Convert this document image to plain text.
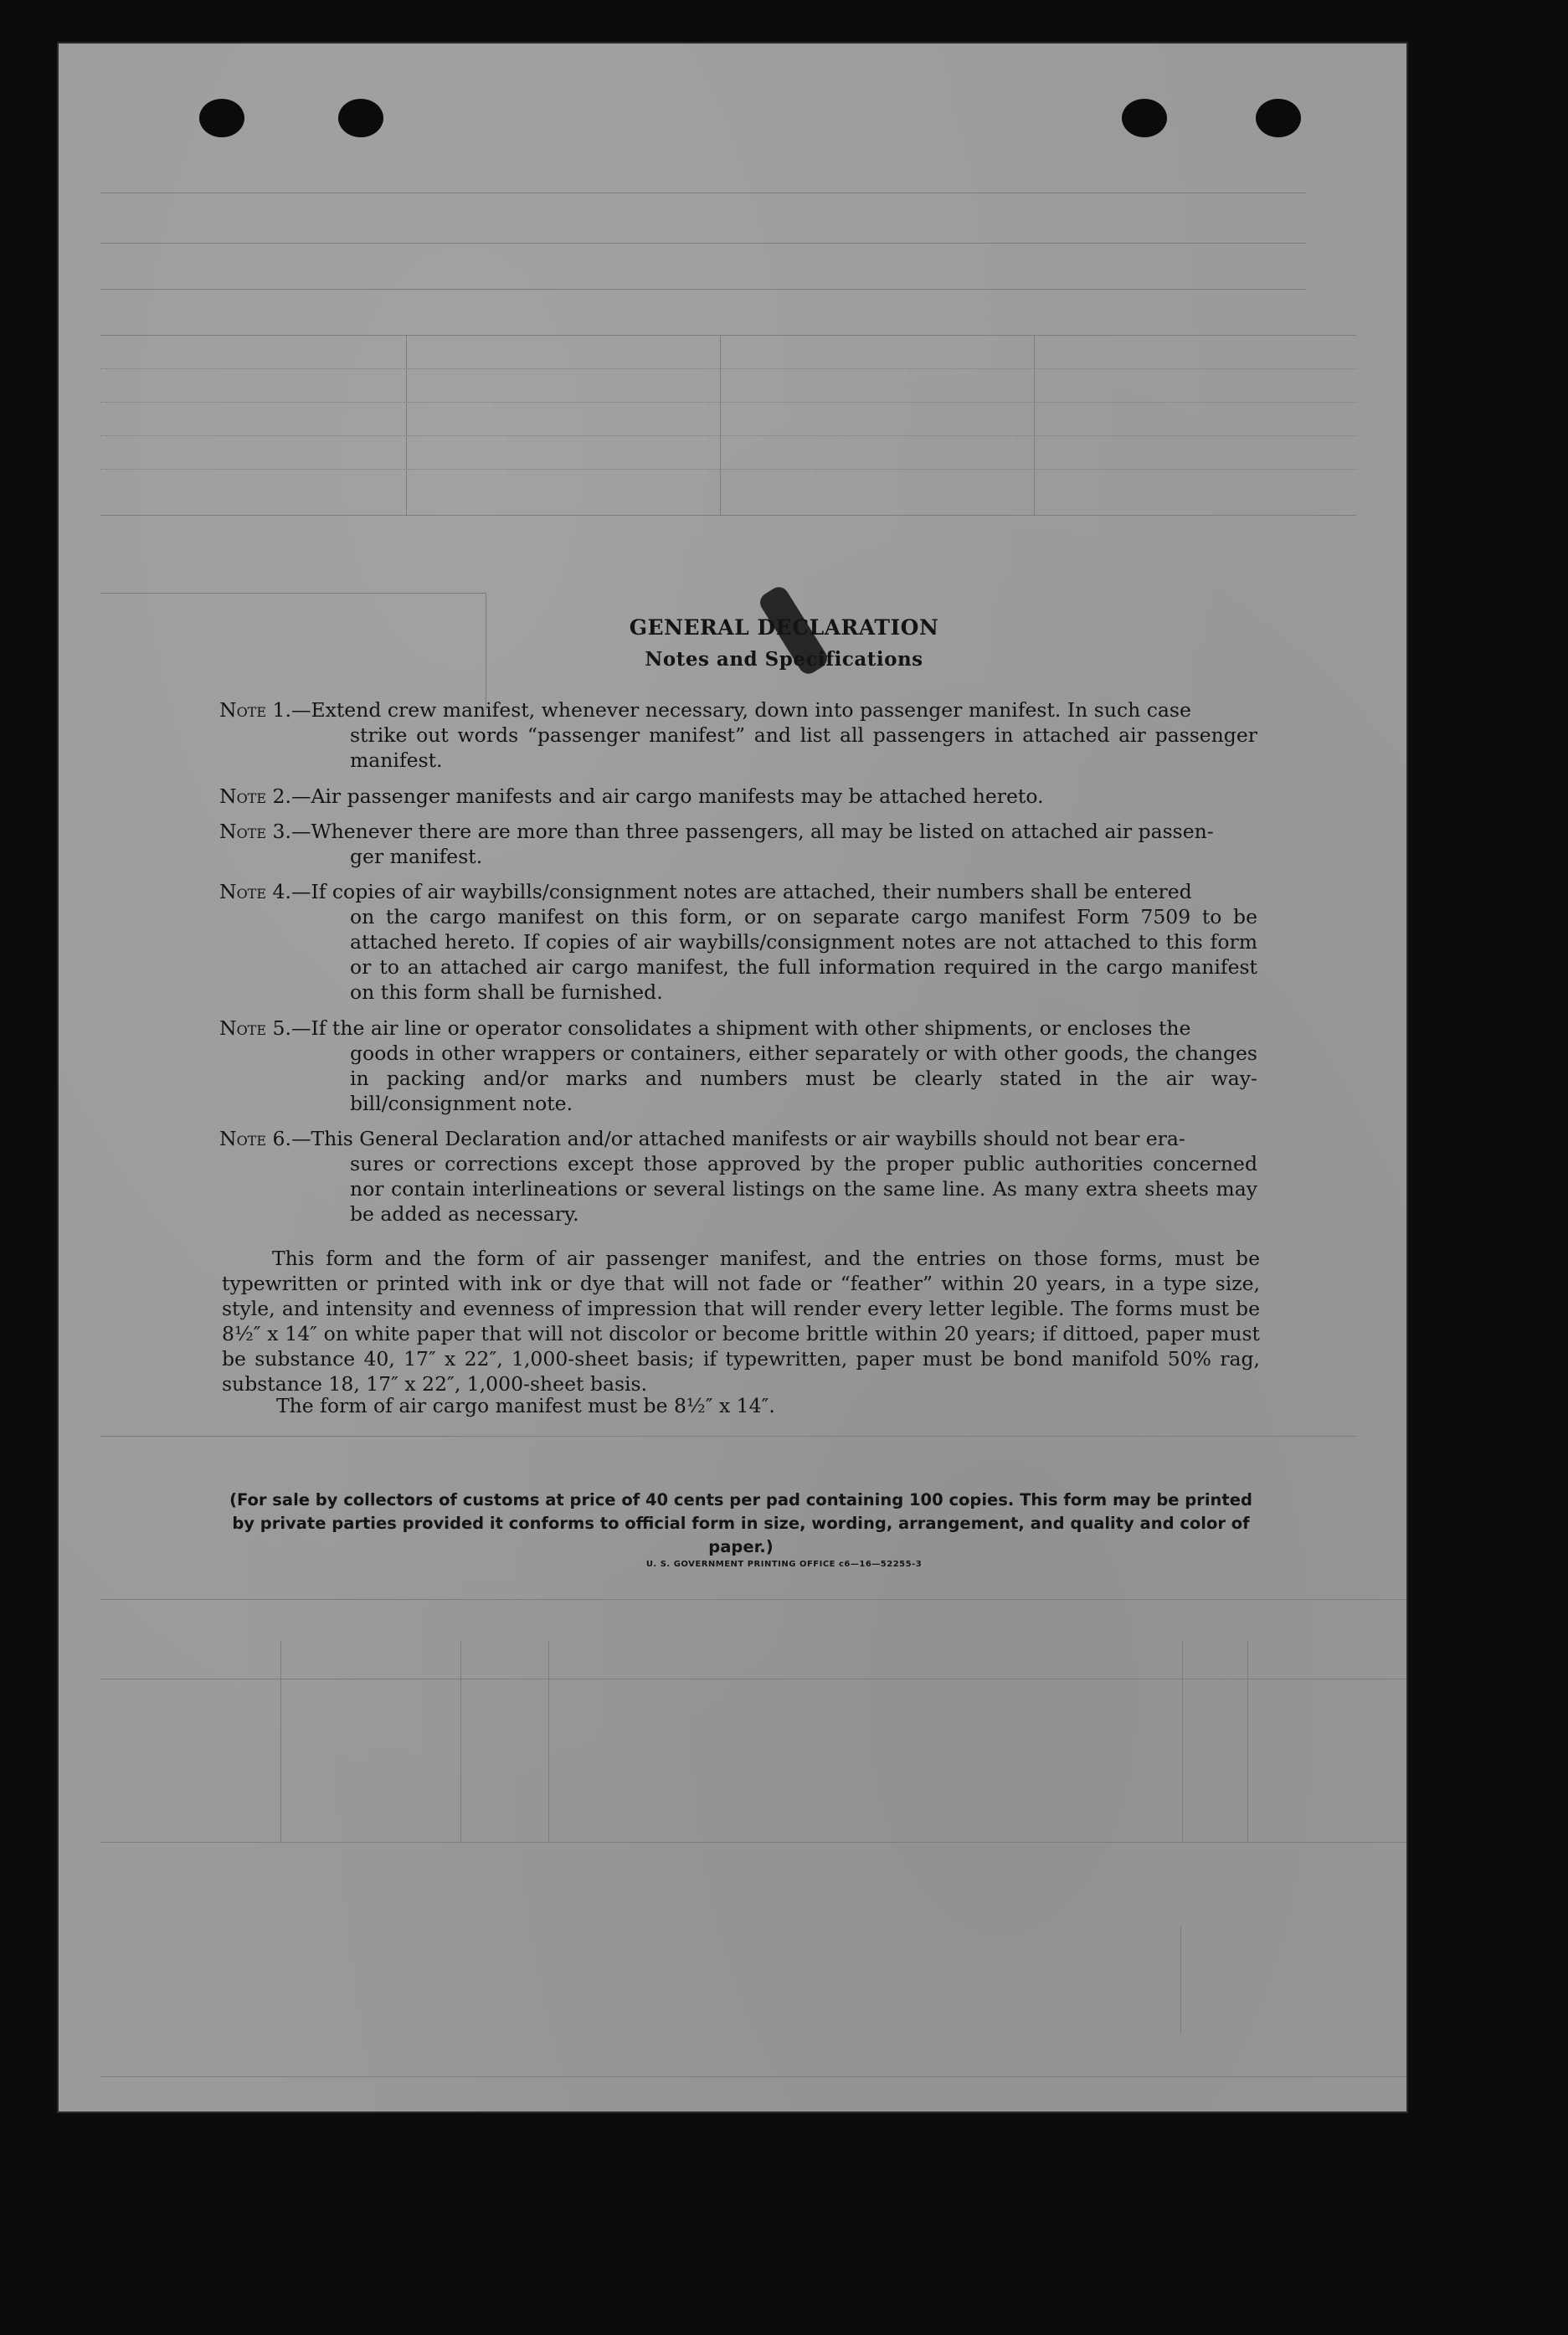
GENERAL DECLARATION
Notes and Specifications
Note 1.—Extend crew manifest, whenever necessary, down into passenger manifest. In such case
strike out words “passenger manifest” and list all passengers in attached air passenger manifest.
Note 2.—Air passenger manifests and air cargo manifests may be attached hereto.
Note 3.—Whenever there are more than three passengers, all may be listed on attached air passen-
ger manifest.
Note 4.—If copies of air waybills/consignment notes are attached, their numbers shall be entered
on the cargo manifest on this form, or on separate cargo manifest Form 7509 to be attached hereto. If copies of air waybills/consignment notes are not attached to this form or to an attached air cargo manifest, the full information required in the cargo manifest on this form shall be furnished.
Note 5.—If the air line or operator consolidates a shipment with other shipments, or encloses the
goods in other wrappers or containers, either separately or with other goods, the changes in packing and/or marks and numbers must be clearly stated in the air way-bill/consignment note.
Note 6.—This General Declaration and/or attached manifests or air waybills should not bear era-
sures or corrections except those approved by the proper public authorities concerned nor contain interlineations or several listings on the same line. As many extra sheets may be added as necessary.
This form and the form of air passenger manifest, and the entries on those forms, must be typewritten or printed with ink or dye that will not fade or “feather” within 20 years, in a type size, style, and intensity and evenness of impression that will render every letter legible. The forms must be 8½″ x 14″ on white paper that will not discolor or become brittle within 20 years; if dittoed, paper must be substance 40, 17″ x 22″, 1,000-sheet basis; if typewritten, paper must be bond manifold 50% rag, substance 18, 17″ x 22″, 1,000-sheet basis.
The form of air cargo manifest must be 8½″ x 14″.
(For sale by collectors of customs at price of 40 cents per pad containing 100 copies. This form may be printed by private parties provided it conforms to official form in size, wording, arrangement, and quality and color of paper.)
U. S. GOVERNMENT PRINTING OFFICE c6—16—52255-3
